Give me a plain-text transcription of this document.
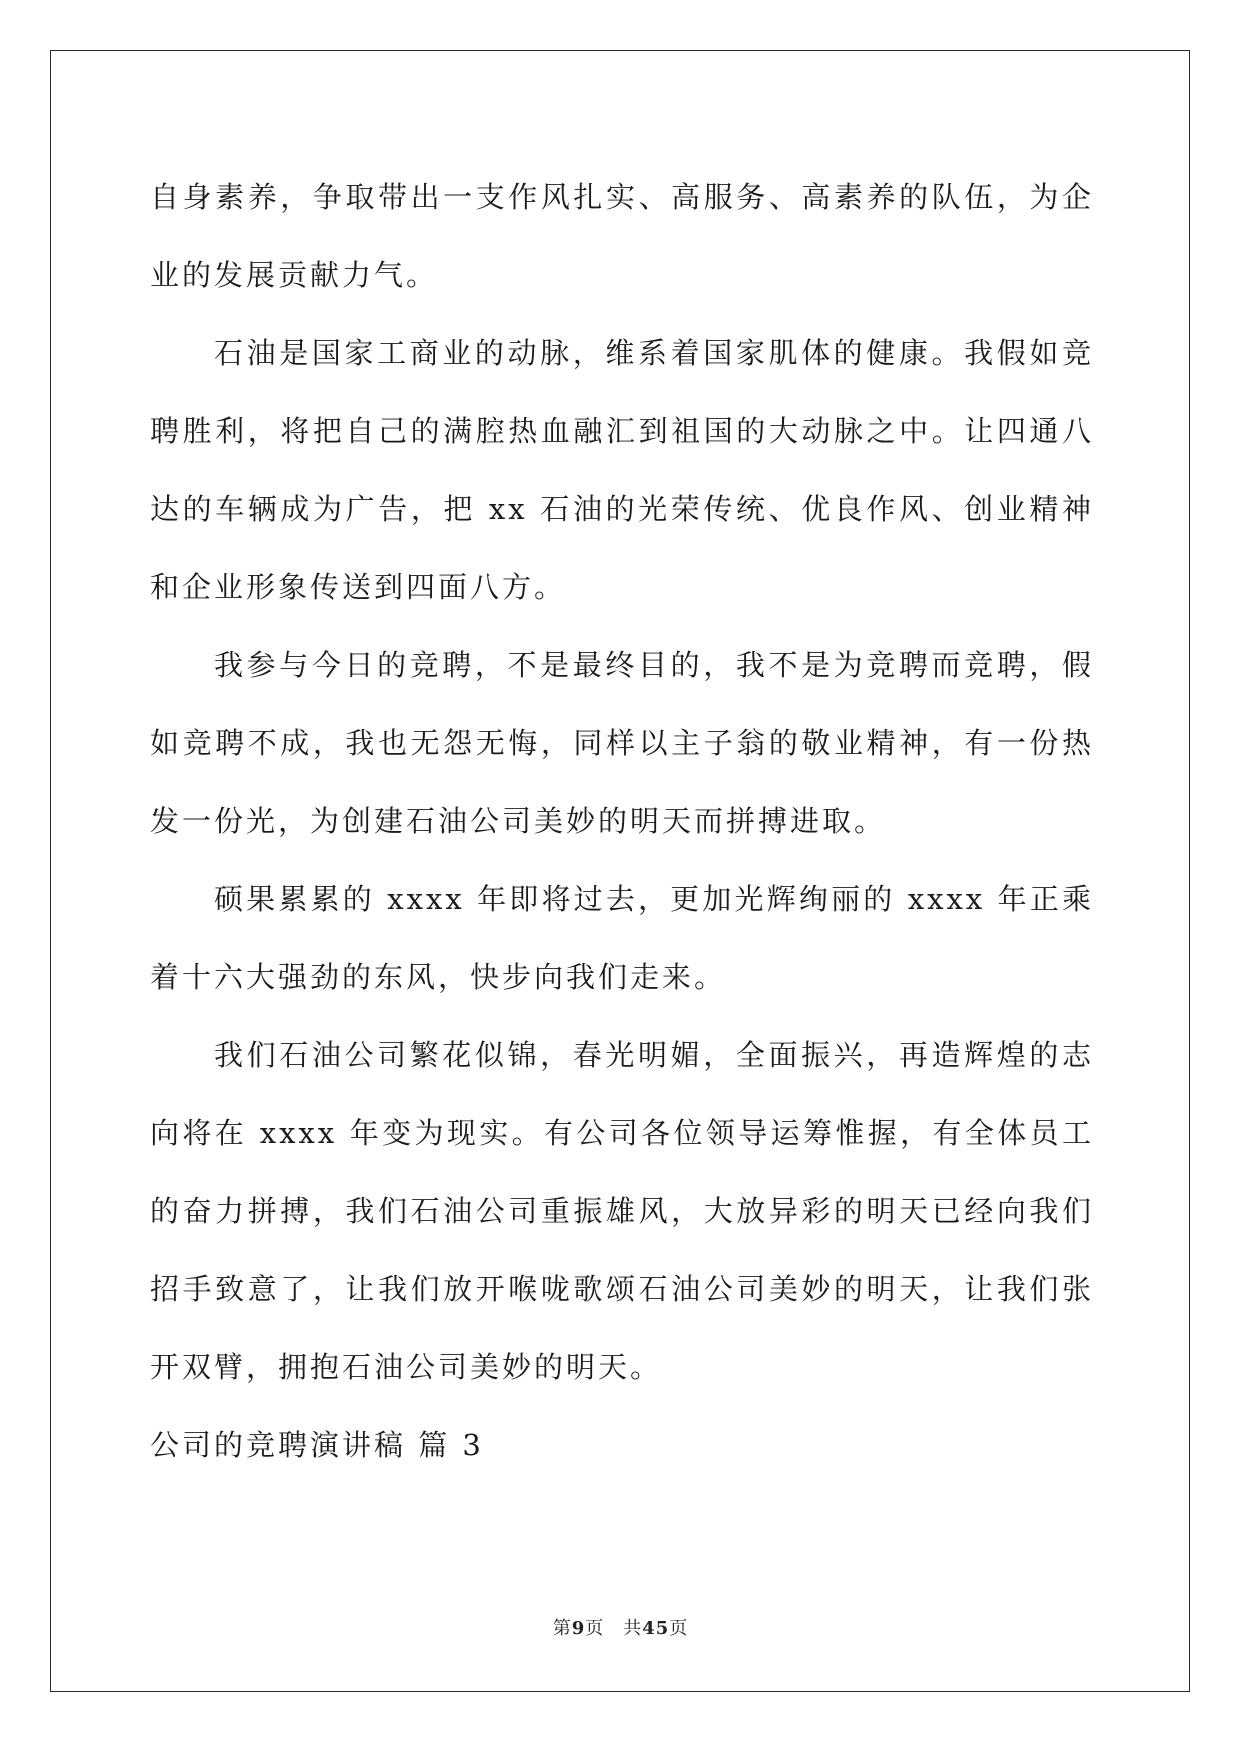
自身素养，争取带出一支作风扎实、高服务、高素养的队伍，为企业的发展贡献力气。

石油是国家工商业的动脉，维系着国家肌体的健康。我假如竞聘胜利，将把自己的满腔热血融汇到祖国的大动脉之中。让四通八达的车辆成为广告，把 xx 石油的光荣传统、优良作风、创业精神和企业形象传送到四面八方。

我参与今日的竞聘，不是最终目的，我不是为竞聘而竞聘，假如竞聘不成，我也无怨无悔，同样以主子翁的敬业精神，有一份热发一份光，为创建石油公司美妙的明天而拼搏进取。

硕果累累的 xxxx 年即将过去，更加光辉绚丽的 xxxx 年正乘着十六大强劲的东风，快步向我们走来。

我们石油公司繁花似锦，春光明媚，全面振兴，再造辉煌的志向将在 xxxx 年变为现实。有公司各位领导运筹惟握，有全体员工的奋力拼搏，我们石油公司重振雄风，大放异彩的明天已经向我们招手致意了，让我们放开喉咙歌颂石油公司美妙的明天，让我们张开双臂，拥抱石油公司美妙的明天。

公司的竞聘演讲稿 篇 3

第9页　共45页
